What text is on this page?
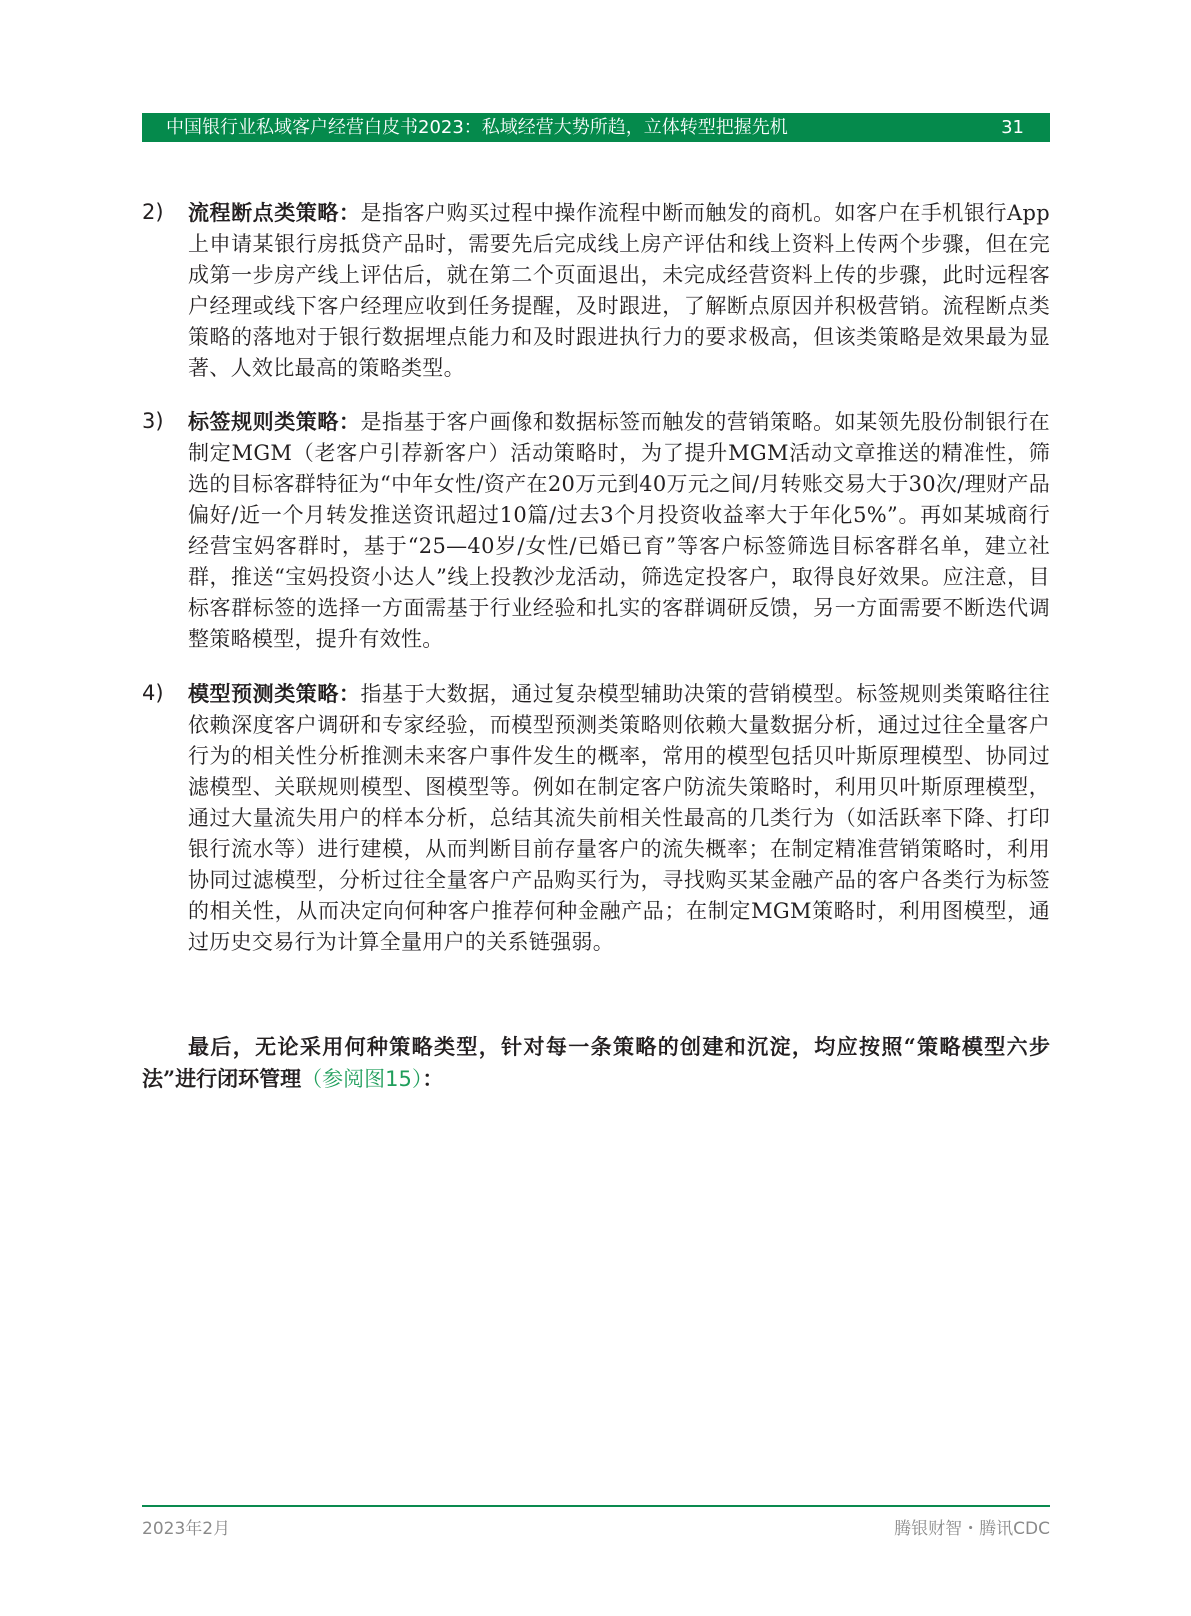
中国银行业私域客户经营白皮书2023：私域经营大势所趋，立体转型把握先机	31
2)	流程断点类策略：是指客户购买过程中操作流程中断而触发的商机。如客户在手机银行App上申请某银行房抵贷产品时，需要先后完成线上房产评估和线上资料上传两个步骤，但在完成第一步房产线上评估后，就在第二个页面退出，未完成经营资料上传的步骤，此时远程客户经理或线下客户经理应收到任务提醒，及时跟进，了解断点原因并积极营销。流程断点类策略的落地对于银行数据埋点能力和及时跟进执行力的要求极高，但该类策略是效果最为显著、人效比最高的策略类型。
3)	标签规则类策略：是指基于客户画像和数据标签而触发的营销策略。如某领先股份制银行在制定MGM（老客户引荐新客户）活动策略时，为了提升MGM活动文章推送的精准性，筛选的目标客群特征为“中年女性/资产在20万元到40万元之间/月转账交易大于30次/理财产品偏好/近一个月转发推送资讯超过10篇/过去3个月投资收益率大于年化5%”。再如某城商行经营宝妈客群时，基于“25—40岁/女性/已婚已育”等客户标签筛选目标客群名单，建立社群，推送“宝妈投资小达人”线上投教沙龙活动，筛选定投客户，取得良好效果。应注意，目标客群标签的选择一方面需基于行业经验和扎实的客群调研反馈，另一方面需要不断迭代调整策略模型，提升有效性。
4)	模型预测类策略：指基于大数据，通过复杂模型辅助决策的营销模型。标签规则类策略往往依赖深度客户调研和专家经验，而模型预测类策略则依赖大量数据分析，通过过往全量客户行为的相关性分析推测未来客户事件发生的概率，常用的模型包括贝叶斯原理模型、协同过滤模型、关联规则模型、图模型等。例如在制定客户防流失策略时，利用贝叶斯原理模型，通过大量流失用户的样本分析，总结其流失前相关性最高的几类行为（如活跃率下降、打印银行流水等）进行建模，从而判断目前存量客户的流失概率；在制定精准营销策略时，利用协同过滤模型，分析过往全量客户产品购买行为，寻找购买某金融产品的客户各类行为标签的相关性，从而决定向何种客户推荐何种金融产品；在制定MGM策略时，利用图模型，通过历史交易行为计算全量用户的关系链强弱。
最后，无论采用何种策略类型，针对每一条策略的创建和沉淀，均应按照“策略模型六步法”进行闭环管理（参阅图15）：
2023年2月	腾银财智・腾讯CDC
